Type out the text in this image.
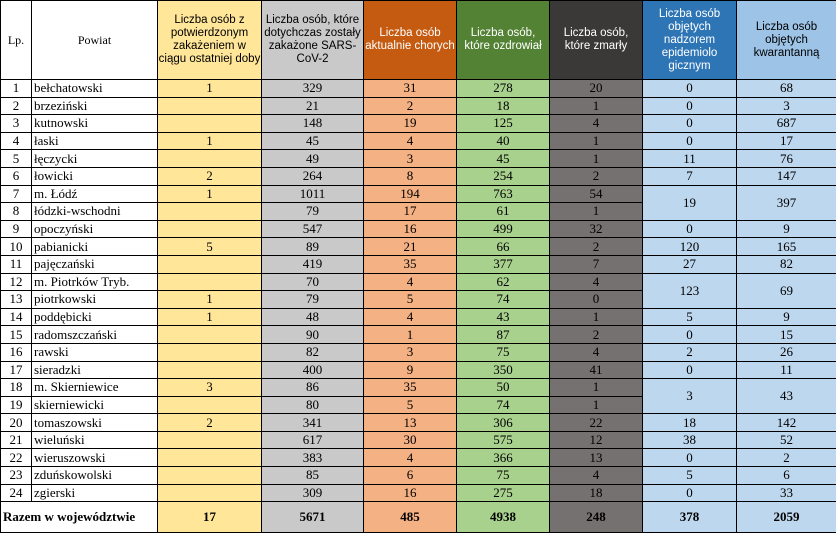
Lp.	Powiat	Liczba osób z potwierdzonym zakażeniem w ciągu ostatniej doby	Liczba osób, które dotychczas zostały zakażone SARS-CoV-2	Liczba osób aktualnie chorych	Liczba osób, które ozdrowiał	Liczba osób, które zmarły	Liczba osób objętych nadzorem epidemiolo gicznym	Liczba osób objętych kwarantanną
1	bełchatowski	1	329	31	278	20	0	68
2	brzeziński		21	2	18	1	0	3
3	kutnowski		148	19	125	4	0	687
4	łaski	1	45	4	40	1	0	17
5	łęczycki		49	3	45	1	11	76
6	łowicki	2	264	8	254	2	7	147
7	m. Łódź	1	1011	194	763	54	19	397
8	łódzki-wschodni		79	17	61	1		
9	opoczyński		547	16	499	32	0	9
10	pabianicki	5	89	21	66	2	120	165
11	pajęczański		419	35	377	7	27	82
12	m. Piotrków Tryb.		70	4	62	4	123	69
13	piotrkowski	1	79	5	74	0		
14	poddębicki	1	48	4	43	1	5	9
15	radomszczański		90	1	87	2	0	15
16	rawski		82	3	75	4	2	26
17	sieradzki		400	9	350	41	0	11
18	m. Skierniewice	3	86	35	50	1	3	43
19	skierniewicki		80	5	74	1		
20	tomaszowski	2	341	13	306	22	18	142
21	wieluński		617	30	575	12	38	52
22	wieruszowski		383	4	366	13	0	2
23	zduńskowolski		85	6	75	4	5	6
24	zgierski		309	16	275	18	0	33
Razem w województwie		17	5671	485	4938	248	378	2059
